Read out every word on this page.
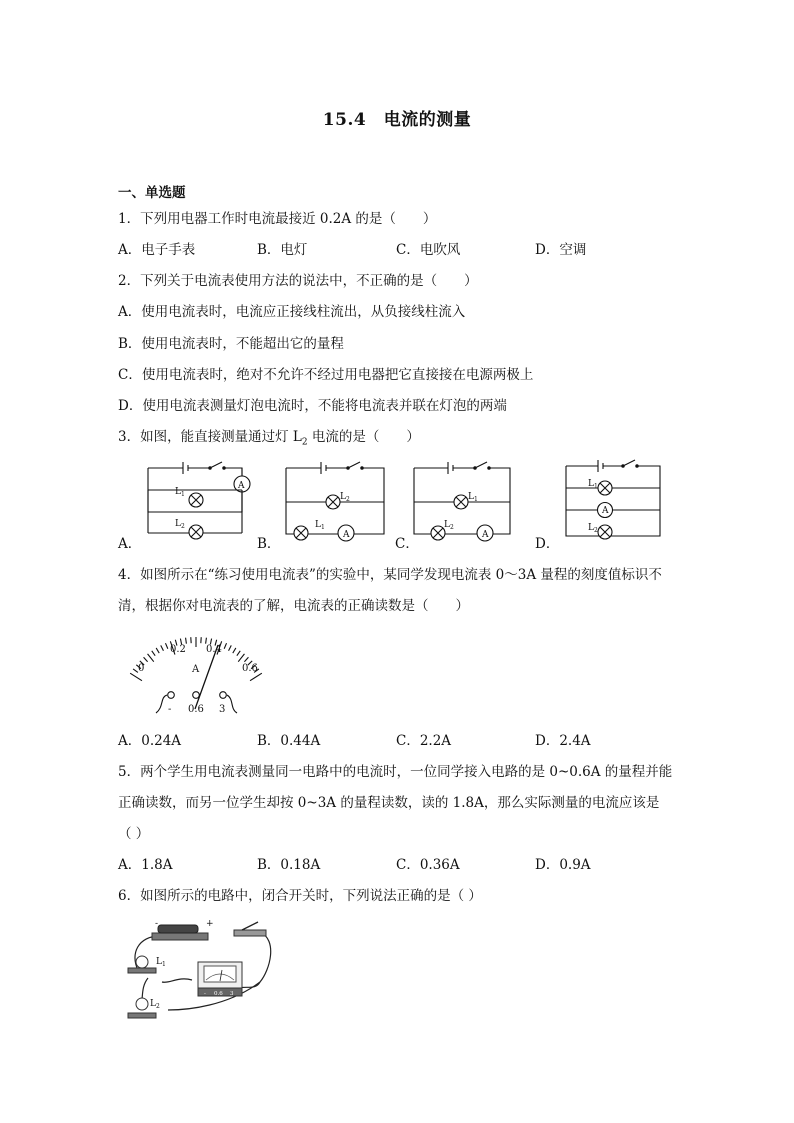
15.4　电流的测量
一、单选题
1．下列用电器工作时电流最接近 0.2A 的是（　　）
A．电子手表	B．电灯	C．电吹风	D．空调
2．下列关于电流表使用方法的说法中，不正确的是（　　）
A．使用电流表时，电流应正接线柱流出，从负接线柱流入
B．使用电流表时，不能超出它的量程
C．使用电流表时，绝对不允许不经过用电器把它直接接在电源两极上
D．使用电流表测量灯泡电流时，不能将电流表并联在灯泡的两端
3．如图，能直接测量通过灯 $L_2$ 电流的是（　　）
A
$L_1$
$L_2$
$L_2$
$L_1$
A
$L_1$
$L_2$
A
$L_1$
A
$L_2$
A．	B．	C．	D．
4．如图所示在“练习使用电流表”的实验中，某同学发现电流表 0～3A 量程的刻度值标识不
清，根据你对电流表的了解，电流表的正确读数是（　　）
0
0.2 0.4
0.6
A
- 0.6 3
A．0.24A	B．0.44A	C．2.2A	D．2.4A
5．两个学生用电流表测量同一电路中的电流时，一位同学接入电路的是 0~0.6A 的量程并能
正确读数，而另一位学生却按 0~3A 的量程读数，读的 1.8A，那么实际测量的电流应该是
（ ）
A．1.8A	B．0.18A	C．0.36A	D．0.9A
6．如图所示的电路中，闭合开关时，下列说法正确的是（ ）
-	+
$L_1$
$L_2$
- 0.6 3
